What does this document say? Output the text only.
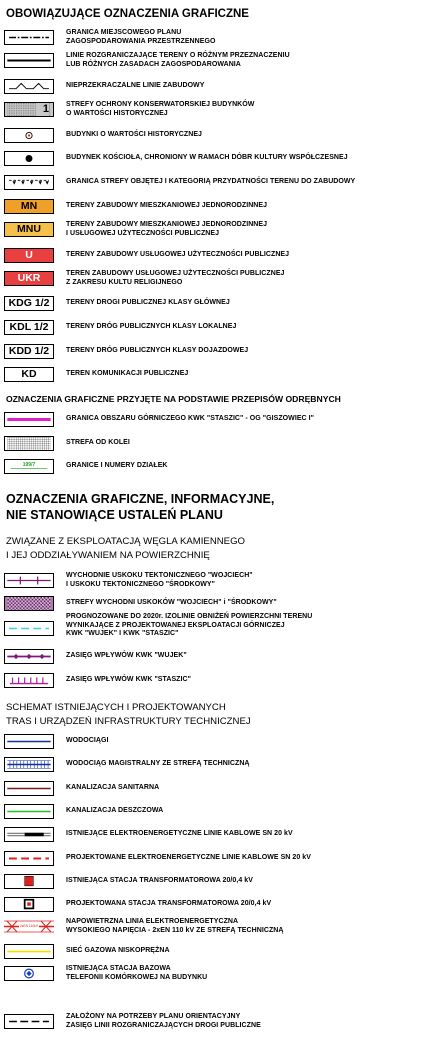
OBOWIĄZUJĄCE OZNACZENIA GRAFICZNE
GRANICA MIEJSCOWEGO PLANU
ZAGOSPODAROWANIA PRZESTRZENNEGO
LINIE ROZGRANICZAJĄCE TERENY O RÓŻNYM PRZEZNACZENIU
LUB RÓŻNYCH ZASADACH ZAGOSPODAROWANIA
NIEPRZEKRACZALNE LINIE ZABUDOWY
1 STREFY OCHRONY KONSERWATORSKIEJ BUDYNKÓW
O WARTOŚCI HISTORYCZNEJ
BUDYNKI O WARTOŚCI HISTORYCZNEJ
BUDYNEK KOŚCIOŁA, CHRONIONY W RAMACH DÓBR KULTURY WSPÓŁCZESNEJ
GRANICA STREFY OBJĘTEJ I KATEGORIĄ PRZYDATNOŚCI TERENU DO ZABUDOWY
MN	TERENY ZABUDOWY MIESZKANIOWEJ JEDNORODZINNEJ
MNU	TERENY ZABUDOWY MIESZKANIOWEJ JEDNORODZINNEJ
I USŁUGOWEJ UŻYTECZNOŚCI PUBLICZNEJ
U	TERENY ZABUDOWY USŁUGOWEJ UŻYTECZNOŚCI PUBLICZNEJ
UKR	TEREN ZABUDOWY USŁUGOWEJ UŻYTECZNOŚCI PUBLICZNEJ
Z ZAKRESU KULTU RELIGIJNEGO
KDG 1/2	TERENY DROGI PUBLICZNEJ KLASY GŁÓWNEJ
KDL 1/2	TERENY DRÓG PUBLICZNYCH KLASY LOKALNEJ
KDD 1/2	TERENY DRÓG PUBLICZNYCH KLASY DOJAZDOWEJ
KD	TEREN KOMUNIKACJI PUBLICZNEJ
OZNACZENIA GRAFICZNE PRZYJĘTE NA PODSTAWIE PRZEPISÓW ODRĘBNYCH
GRANICA OBSZARU GÓRNICZEGO KWK "STASZIC" - OG "GISZOWIEC I"
STREFA OD KOLEI
199/7	GRANICE I NUMERY DZIAŁEK
OZNACZENIA GRAFICZNE, INFORMACYJNE,
NIE STANOWIĄCE USTALEŃ PLANU
ZWIĄZANE Z EKSPLOATACJĄ WĘGLA KAMIENNEGO
I JEJ ODDZIAŁYWANIEM NA POWIERZCHNIĘ
WYCHODNIE USKOKU TEKTONICZNEGO "WOJCIECH"
I USKOKU TEKTONICZNEGO "ŚRODKOWY"
STREFY WYCHODNI USKOKÓW "WOJCIECH" i "ŚRODKOWY"
PROGNOZOWANE DO 2020r. IZOLINIE OBNIŻEŃ POWIERZCHNI TERENU
WYNIKAJĄCE Z PROJEKTOWANEJ EKSPLOATACJI GÓRNICZEJ
KWK "WUJEK" I KWK "STASZIC"
ZASIĘG WPŁYWÓW KWK "WUJEK"
ZASIĘG WPŁYWÓW KWK "STASZIC"
SCHEMAT ISTNIEJĄCYCH I PROJEKTOWANYCH
TRAS I URZĄDZEŃ INFRASTRUKTURY TECHNICZNEJ
WODOCIĄGI
WODOCIĄG MAGISTRALNY ZE STREFĄ TECHNICZNĄ
KANALIZACJA SANITARNA
KANALIZACJA DESZCZOWA
ISTNIEJĄCE ELEKTROENERGETYCZNE LINIE KABLOWE SN 20 kV
PROJEKTOWANE ELEKTROENERGETYCZNE LINIE KABLOWE SN 20 kV
ISTNIEJĄCA STACJA TRANSFORMATOROWA 20/0,4 kV
PROJEKTOWANA STACJA TRANSFORMATOROWA 20/0,4 kV
2xEN 110kV
NAPOWIETRZNA LINIA ELEKTROENERGETYCZNA
WYSOKIEGO NAPIĘCIA - 2xEN 110 kV ZE STREFĄ TECHNICZNĄ
SIEĆ GAZOWA NISKOPRĘŻNA
ISTNIEJĄCA STACJA BAZOWA
TELEFONII KOMÓRKOWEJ NA BUDYNKU
ZAŁOŻONY NA POTRZEBY PLANU ORIENTACYJNY
ZASIĘG LINII ROZGRANICZAJĄCYCH DROGI PUBLICZNE
